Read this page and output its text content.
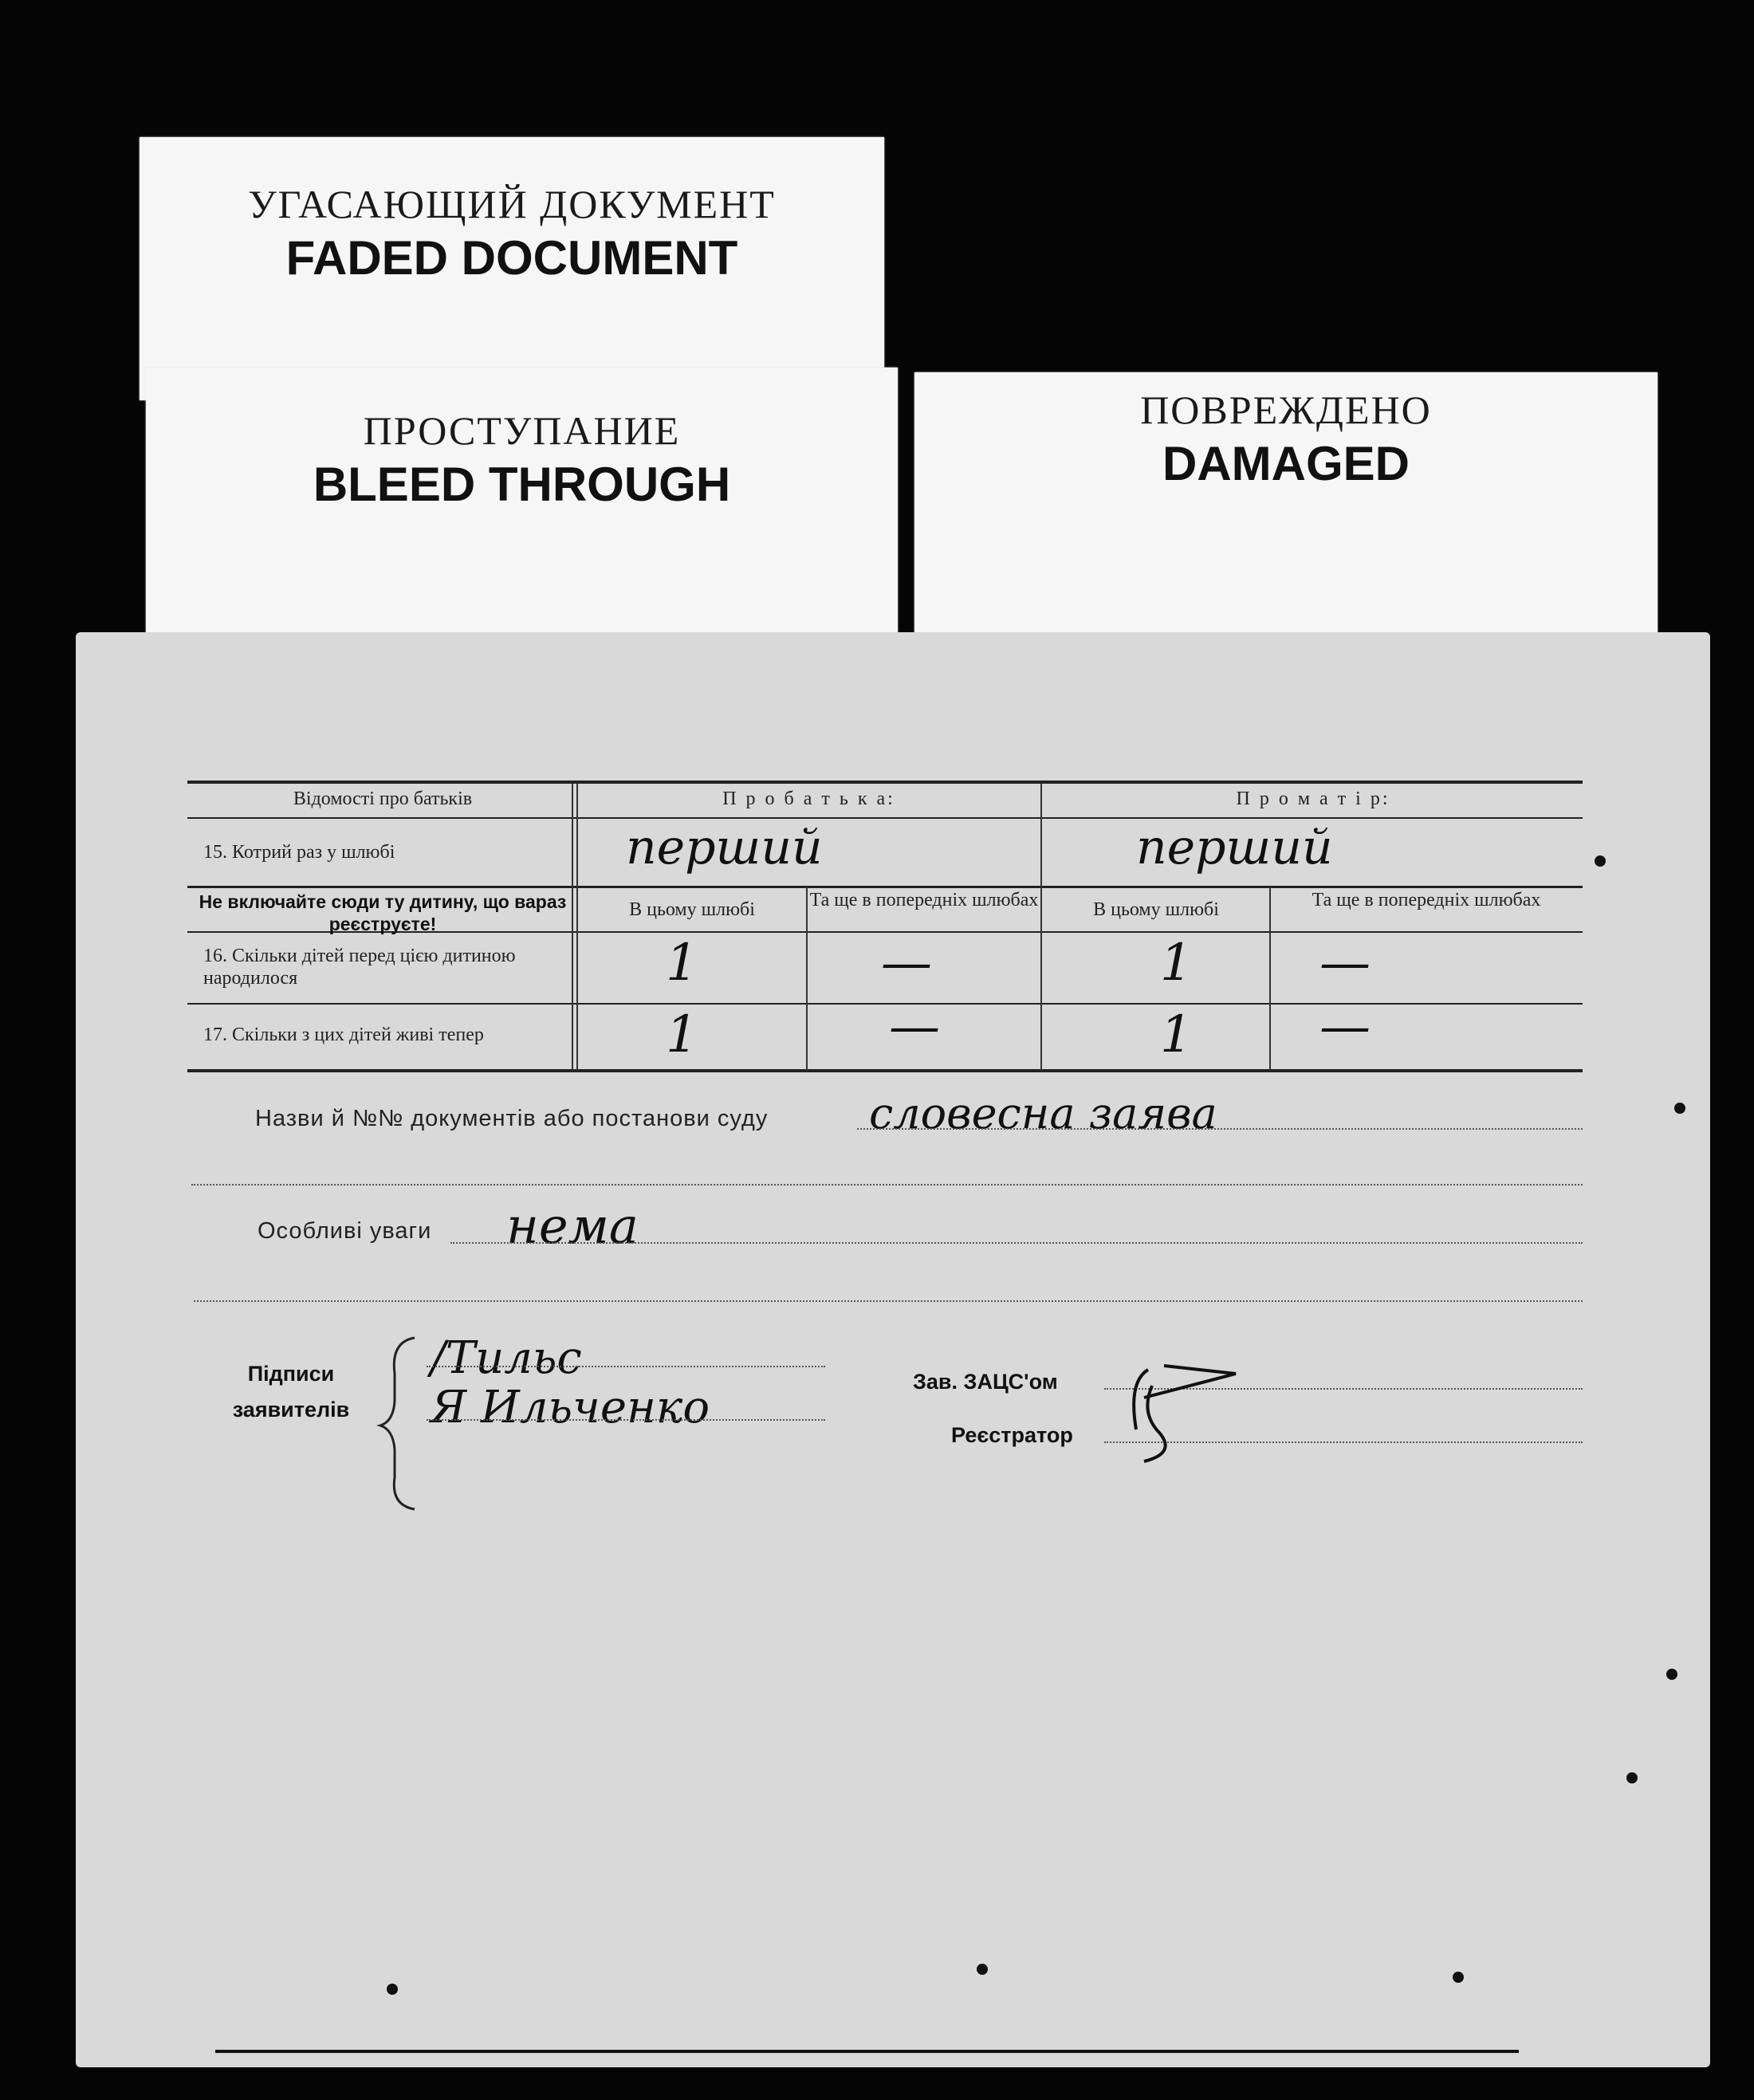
УГАСАЮЩИЙ ДОКУМЕНТ
FADED DOCUMENT
ПРОСТУПАНИЕ
BLEED THROUGH
ПОВРЕЖДЕНО
DAMAGED
Відомості про батьків	П р о б а т ь к а:	П р о м а т і р:
15. Котрий раз у шлюбі	перший	перший
Не включайте сюди ту дитину, що вараз реєструєте!
В цьому шлюбі	Та ще в попередніх шлюбах	В цьому шлюбі	Та ще в попередніх шлюбах
16. Скільки дітей перед цією дитиною народилося	1	—	1 —
17. Скільки з цих дітей живі тепер	1	—	1 —
Назви й №№ документів або постанови суду словесна заява
Особливі уваги нема
Підписи
заявителів
/Тильс
Я Ильченко	Зав. ЗАЦС'ом
Реєстратор
